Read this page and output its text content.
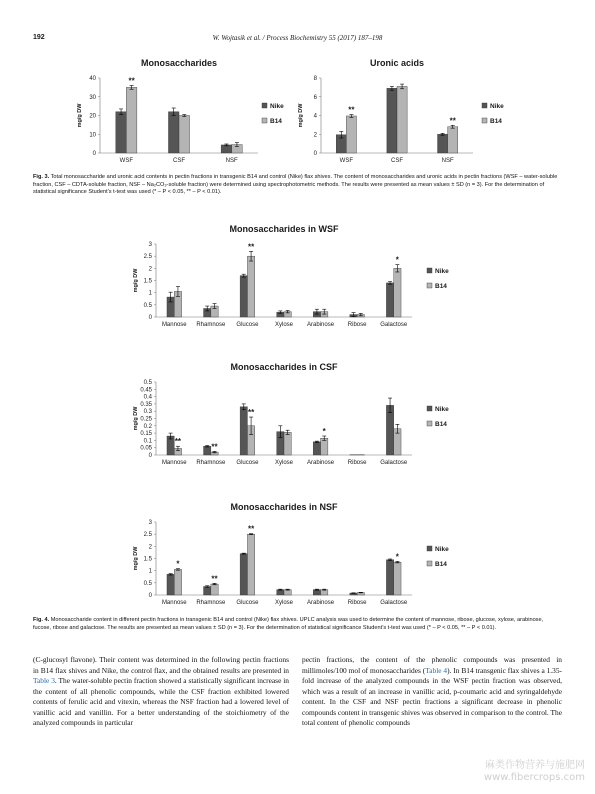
192	W. Wojtasik et al. / Process Biochemistry 55 (2017) 187–198
Monosaccharides
0
10
20
30
40
mg/g DW
WSF	CSF	NSF
**
Nike
B14
Uronic acids
0
2
4
6
8
mg/g DW
WSF	CSF	NSF
**
**
Nike
B14
Fig. 3. Total monosaccharide and uronic acid contents in pectin fractions in transgenic B14 and control (Nike) flax shives. The content of monosaccharides and uronic acids in pectin fractions (WSF – water-soluble fraction, CSF – CDTA-soluble fraction, NSF – Na₂CO₃-soluble fraction) were determined using spectrophotometric methods. The results were presented as mean values ± SD (n = 3). For the determination of statistical significance Student’s t-test was used (* – P < 0.05, ** – P < 0.01).
Monosaccharides in WSF
0
0.5
1
1.5
2
2.5
3
mg/g DW
Mannose Rhamnose Glucose	Xylose Arabinose Ribose Galactose
**
*
Nike
B14
Monosaccharides in CSF
0
0.05
0.1
0.15
0.2
0.25
0.3
0.35
0.4
0.45
0.5
mg/g DW
Mannose Rhamnose Glucose	Xylose Arabinose Ribose Galactose
**
**
**
*
Nike
B14
Monosaccharides in NSF
0
0.5
1
1.5
2
2.5
3
mg/g DW
Mannose Rhamnose Glucose	Xylose Arabinose Ribose Galactose
*
**
**
*
Nike
B14
Fig. 4. Monosaccharide content in different pectin fractions in transgenic B14 and control (Nike) flax shives. UPLC analysis was used to determine the content of mannose, ribose, glucose, xylose, arabinose, fucose, ribose and galactose. The results are presented as mean values ± SD (n = 3). For the determination of statistical significance Student’s t-test was used (* – P < 0.05, ** – P < 0.01).
(C-glucosyl flavone). Their content was determined in the following pectin fractions in B14 flax shives and Nike, the control flax, and the obtained results are presented in Table 3. The water-soluble pectin fraction showed a statistically significant increase in the content of all phenolic compounds, while the CSF fraction exhibited lowered contents of ferulic acid and vitexin, whereas the NSF fraction had a lowered level of vanillic acid and vanillin. For a better understanding of the stoichiometry of the analyzed compounds in particular
pectin fractions, the content of the phenolic compounds was presented in millimoles/100 mol of monosaccharides (Table 4). In B14 transgenic flax shives a 1.35- fold increase of the analyzed compounds in the WSF pectin fraction was observed, which was a result of an increase in vanillic acid, p-coumaric acid and syringaldehyde content. In the CSF and NSF pectin fractions a significant decrease in phenolic compounds content in transgenic shives was observed in comparison to the control. The total content of phenolic compounds
麻类作物营养与施肥网
www.fibercrops.com
